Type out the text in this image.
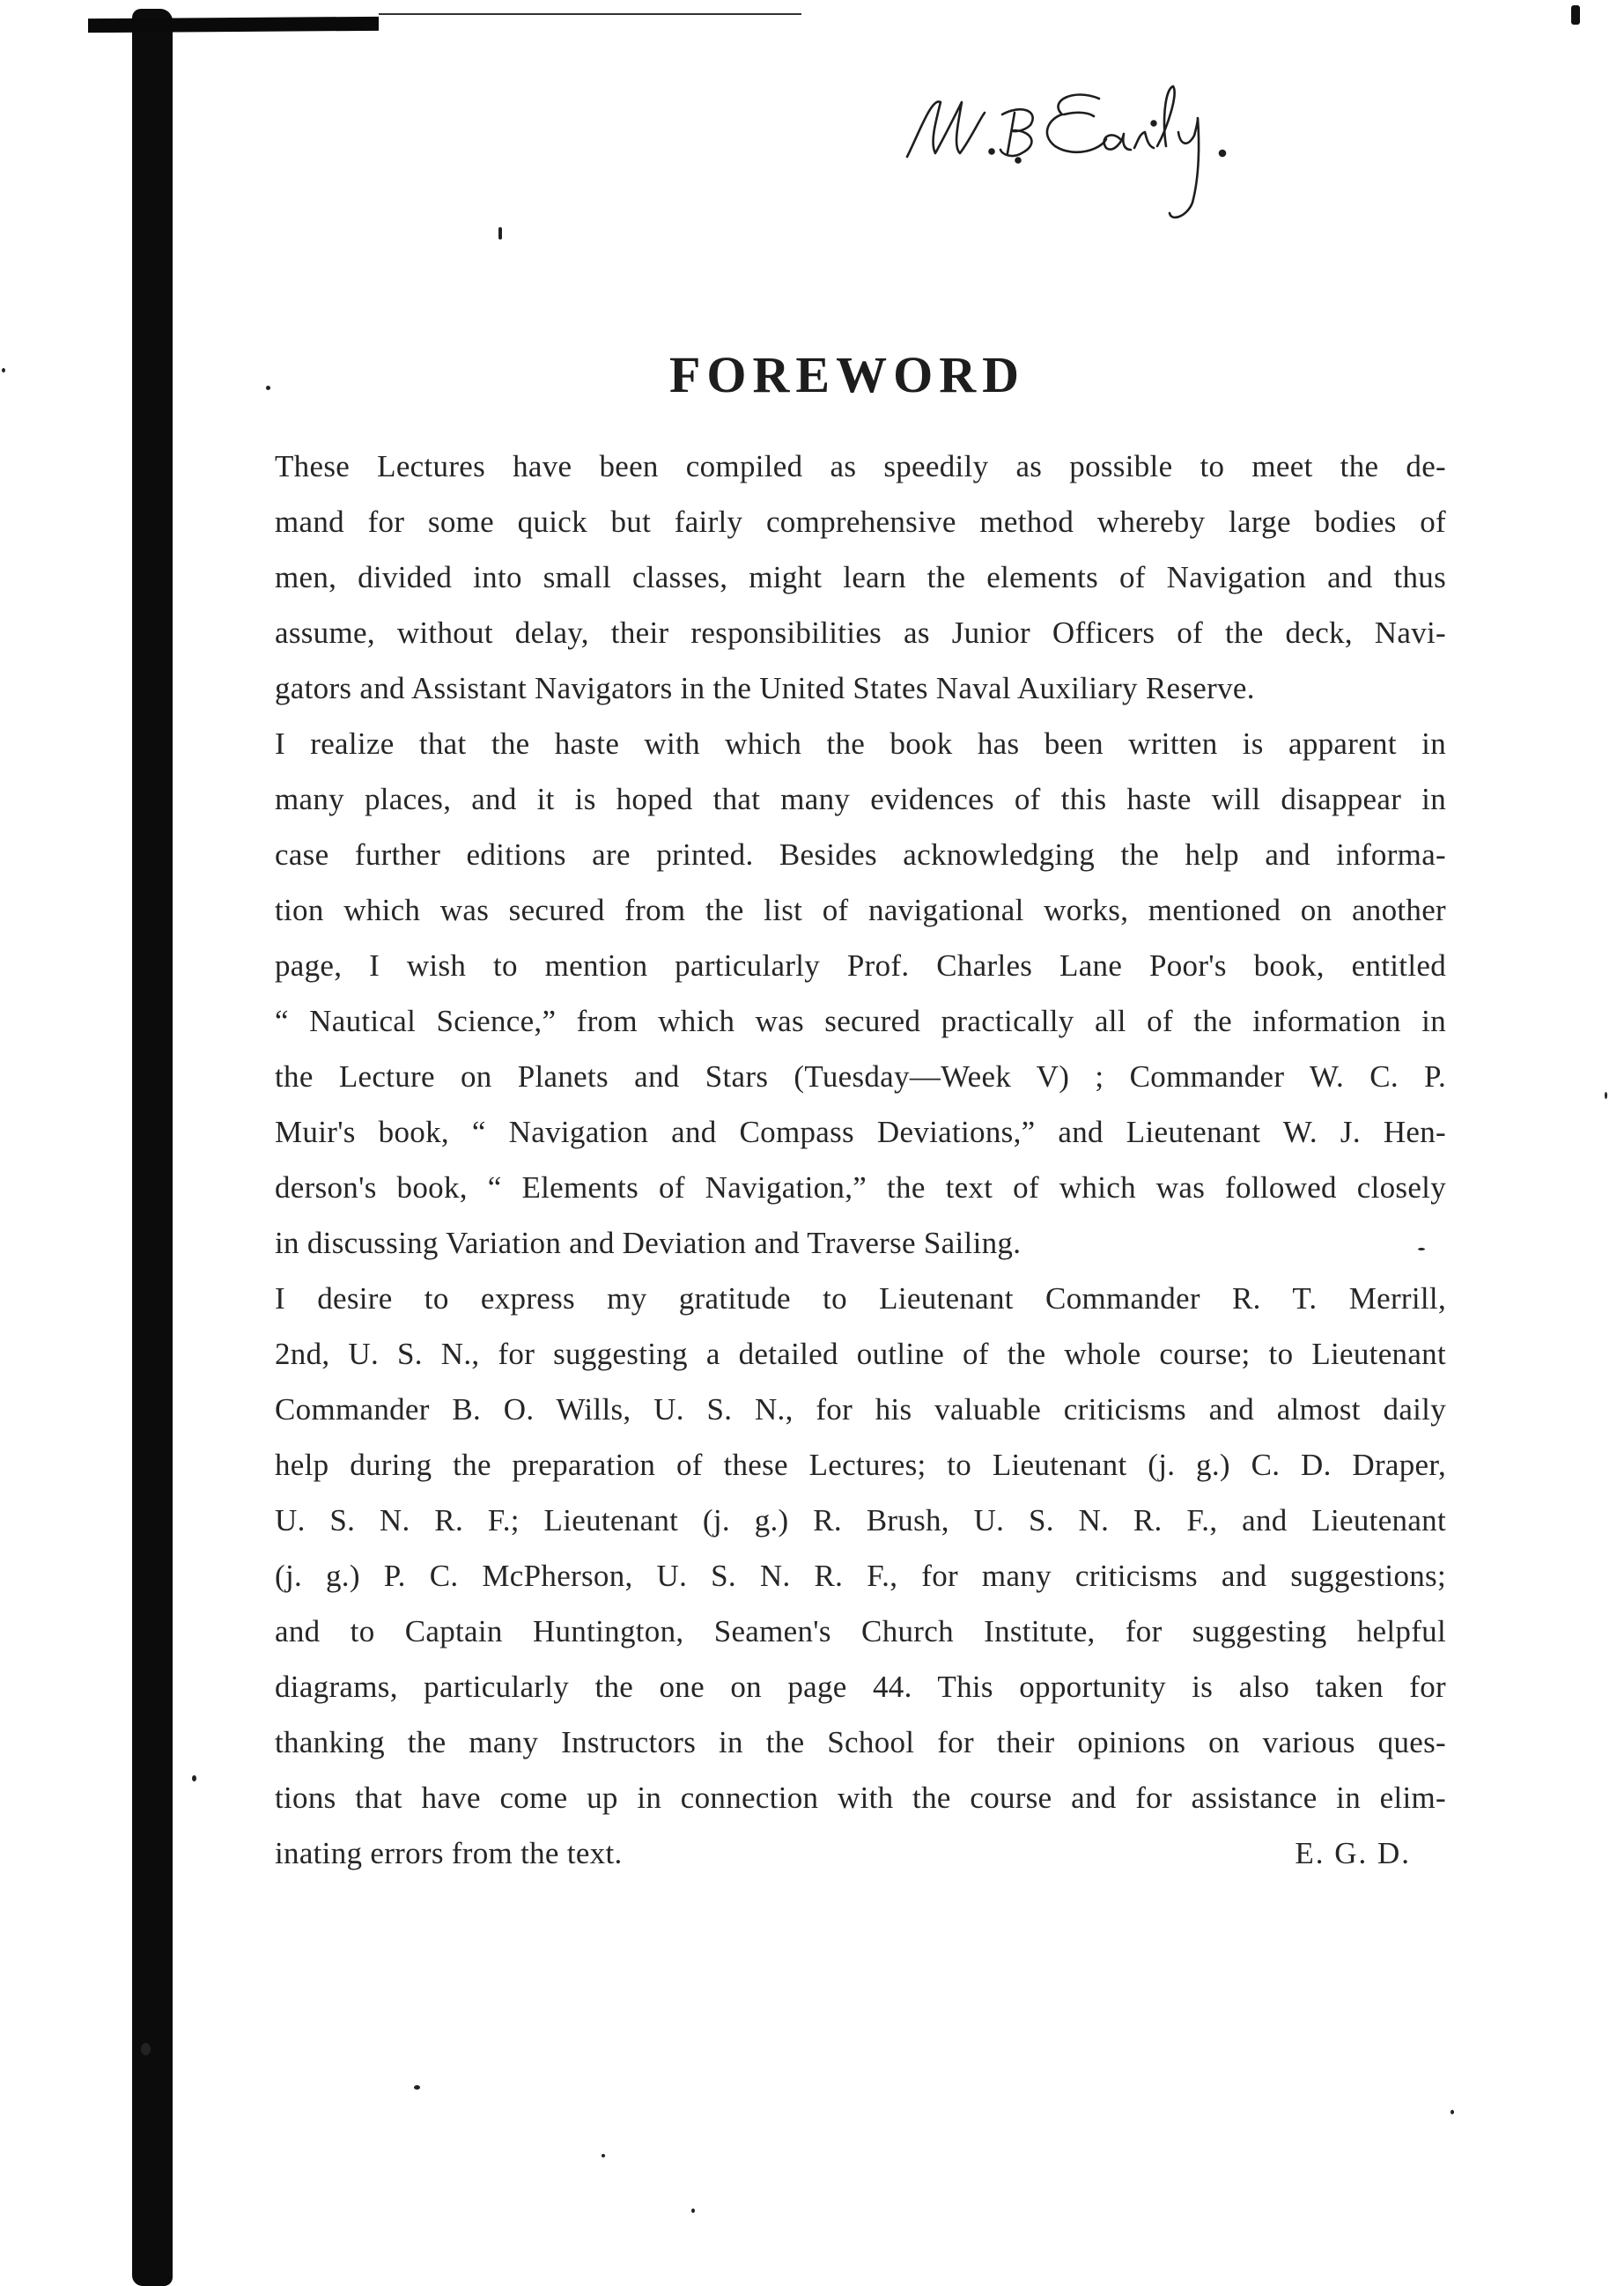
FOREWORD

These Lectures have been compiled as speedily as possible to meet the de-
mand for some quick but fairly comprehensive method whereby large bodies of
men, divided into small classes, might learn the elements of Navigation and thus
assume, without delay, their responsibilities as Junior Officers of the deck, Navi-
gators and Assistant Navigators in the United States Naval Auxiliary Reserve.

I realize that the haste with which the book has been written is apparent in
many places, and it is hoped that many evidences of this haste will disappear in
case further editions are printed. Besides acknowledging the help and informa-
tion which was secured from the list of navigational works, mentioned on another
page, I wish to mention particularly Prof. Charles Lane Poor's book, entitled
“ Nautical Science,” from which was secured practically all of the information in
the Lecture on Planets and Stars (Tuesday—Week V) ; Commander W. C. P.
Muir's book, “ Navigation and Compass Deviations,” and Lieutenant W. J. Hen-
derson's book, “ Elements of Navigation,” the text of which was followed closely
in discussing Variation and Deviation and Traverse Sailing.

I desire to express my gratitude to Lieutenant Commander R. T. Merrill,
2nd, U. S. N., for suggesting a detailed outline of the whole course; to Lieutenant
Commander B. O. Wills, U. S. N., for his valuable criticisms and almost daily
help during the preparation of these Lectures; to Lieutenant (j. g.) C. D. Draper,
U. S. N. R. F.; Lieutenant (j. g.) R. Brush, U. S. N. R. F., and Lieutenant
(j. g.) P. C. McPherson, U. S. N. R. F., for many criticisms and suggestions;
and to Captain Huntington, Seamen's Church Institute, for suggesting helpful
diagrams, particularly the one on page 44. This opportunity is also taken for
thanking the many Instructors in the School for their opinions on various ques-
tions that have come up in connection with the course and for assistance in elim-
inating errors from the text.	E. G. D.
